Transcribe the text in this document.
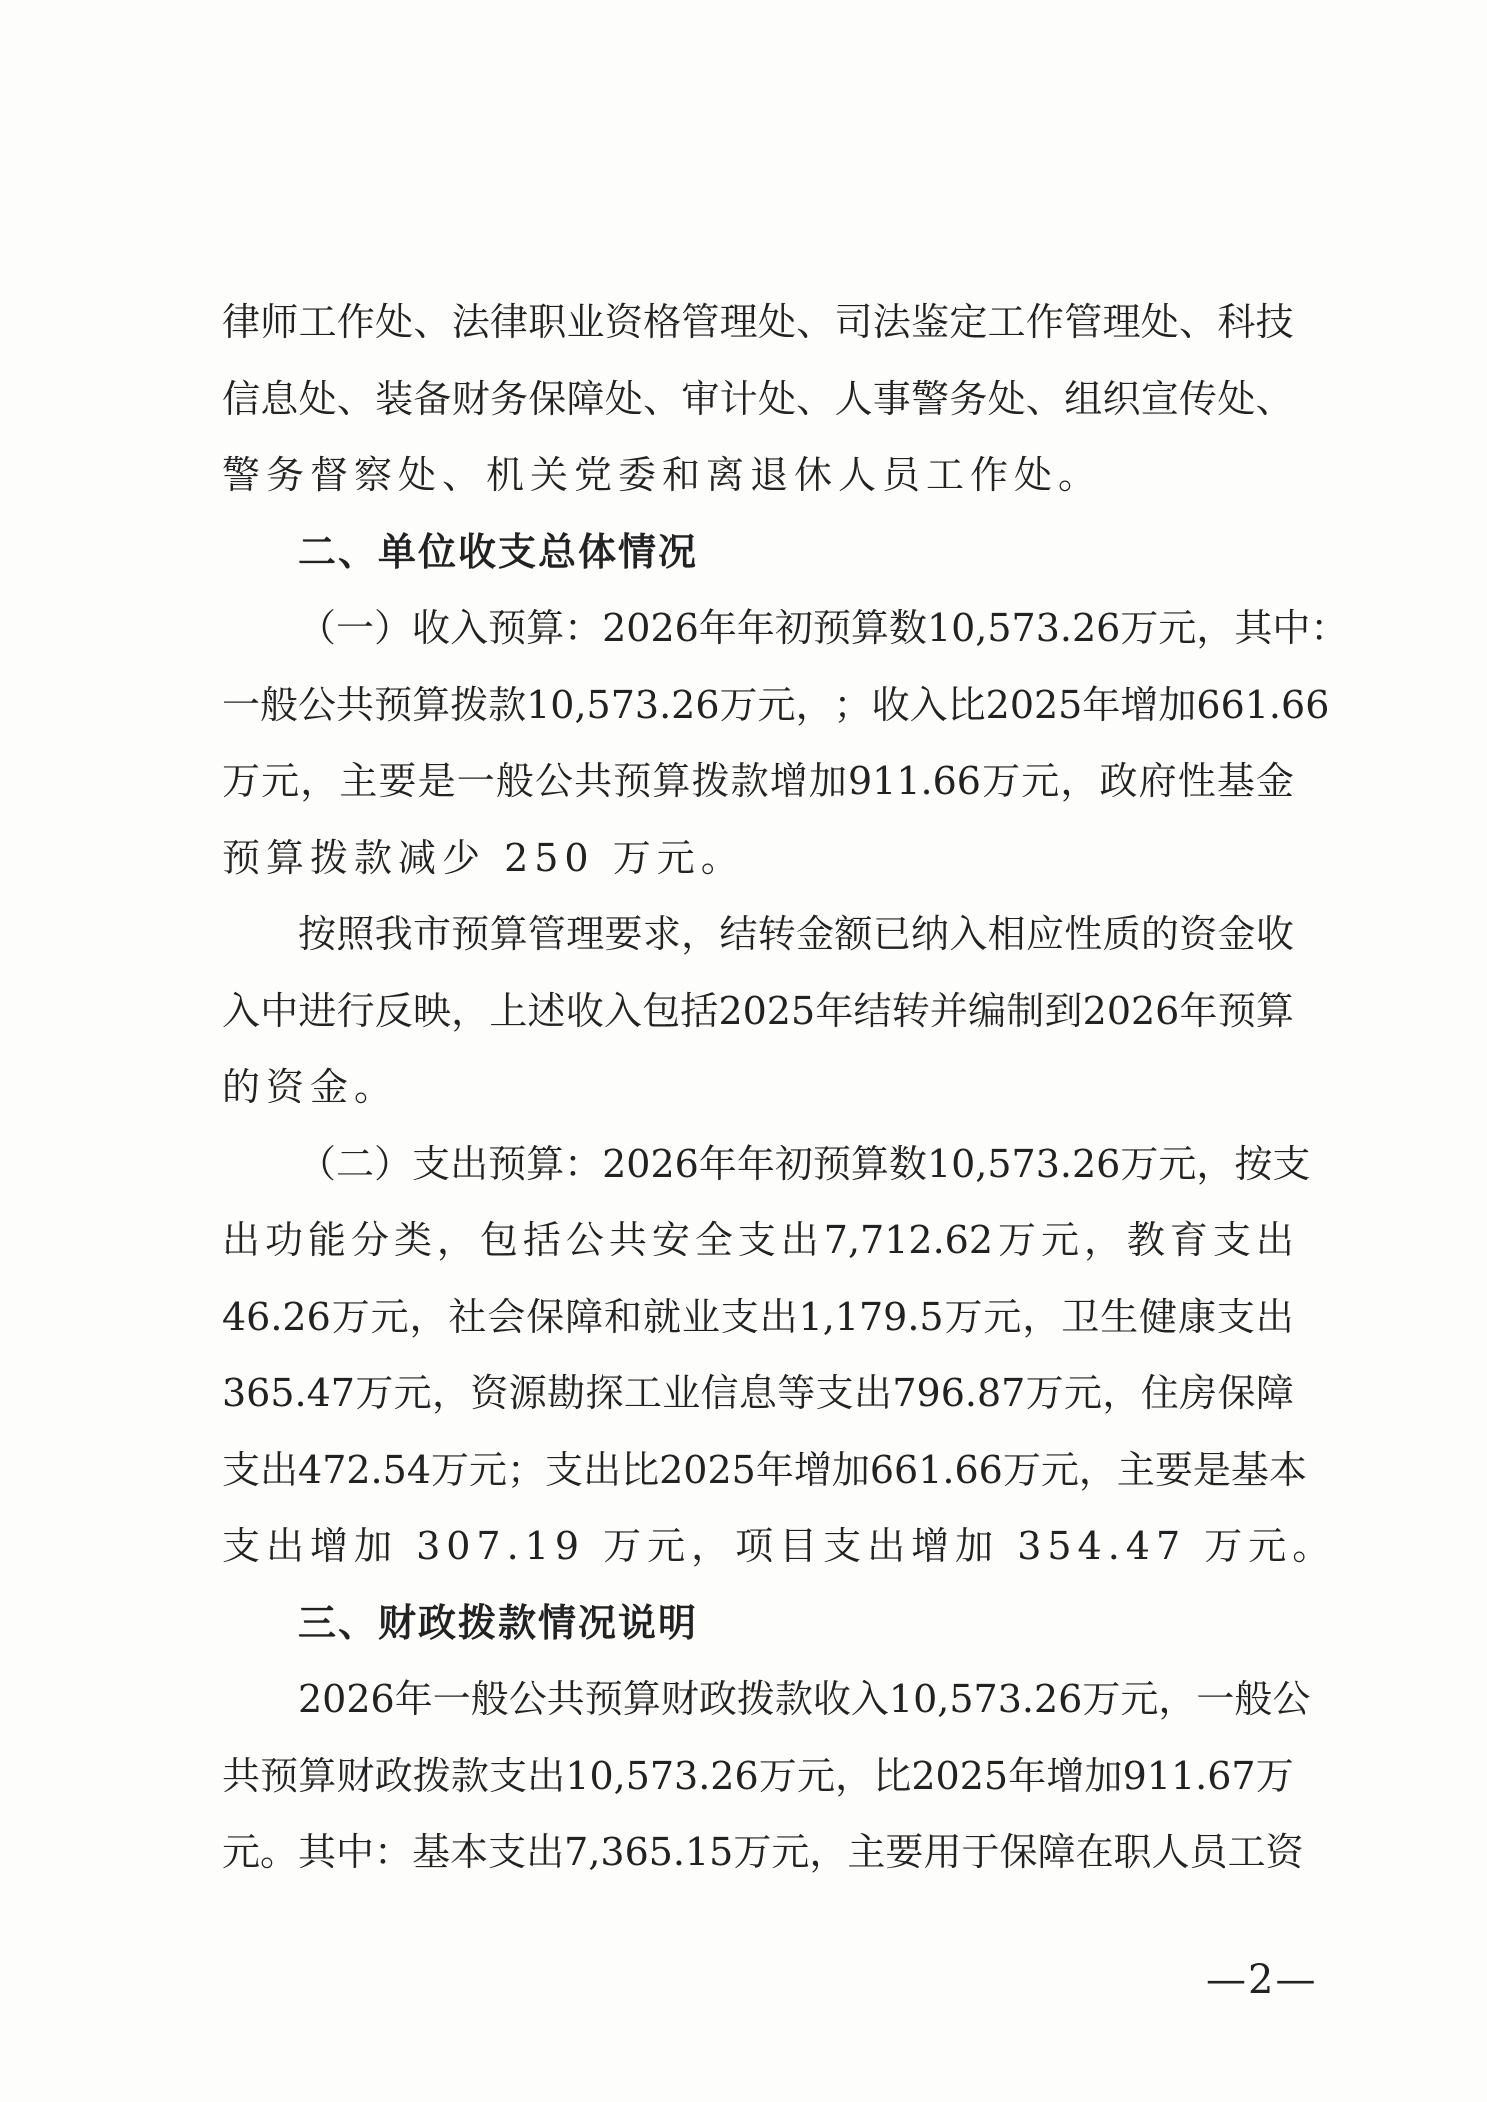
律 师 工 作 处 、 法 律 职 业 资 格 管 理 处 、 司 法 鉴 定 工 作 管 理 处 、 科 技
信 息 处 、 装 备 财 务 保 障 处 、 审 计 处 、 人 事 警 务 处 、 组 织 宣 传 处 、
警务督察处、机关党委和离退休人员工作处。
二、单位收支总体情况
（ 一 ） 收 入 预 算 ： 2026 年 年 初 预 算 数 10,573.26 万 元 ， 其 中 ：
一 般 公 共 预 算 拨 款 10,573.26 万 元 ， ； 收 入 比 2025 年 增 加 661.66
万 元 ， 主 要 是 一 般 公 共 预 算 拨 款 增 加 911.66 万 元 ， 政 府 性 基 金
预算拨款减少 250 万元。
按 照 我 市 预 算 管 理 要 求 ， 结 转 金 额 已 纳 入 相 应 性 质 的 资 金 收
入 中 进 行 反 映 ， 上 述 收 入 包 括 2025 年 结 转 并 编 制 到 2026 年 预 算
的资金。
（ 二 ） 支 出 预 算 ： 2026 年 年 初 预 算 数 10,573.26 万 元 ， 按 支
出 功 能 分 类 ， 包 括 公 共 安 全 支 出 7,712.62 万 元 ， 教 育 支 出
46.26 万 元 ， 社 会 保 障 和 就 业 支 出 1,179.5 万 元 ， 卫 生 健 康 支 出
365.47 万 元 ， 资 源 勘 探 工 业 信 息 等 支 出 796.87 万 元 ， 住 房 保 障
支 出 472.54 万 元 ； 支 出 比 2025 年 增 加 661.66 万 元 ， 主 要 是 基 本
支出增加 307.19 万元，项目支出增加 354.47 万元。
三、财政拨款情况说明
2026 年 一 般 公 共 预 算 财 政 拨 款 收 入 10,573.26 万 元 ， 一 般 公
共 预 算 财 政 拨 款 支 出 10,573.26 万 元 ， 比 2025 年 增 加 911.67 万
元 。 其 中 ： 基 本 支 出 7,365.15 万 元 ， 主 要 用 于 保 障 在 职 人 员 工 资
—2—
